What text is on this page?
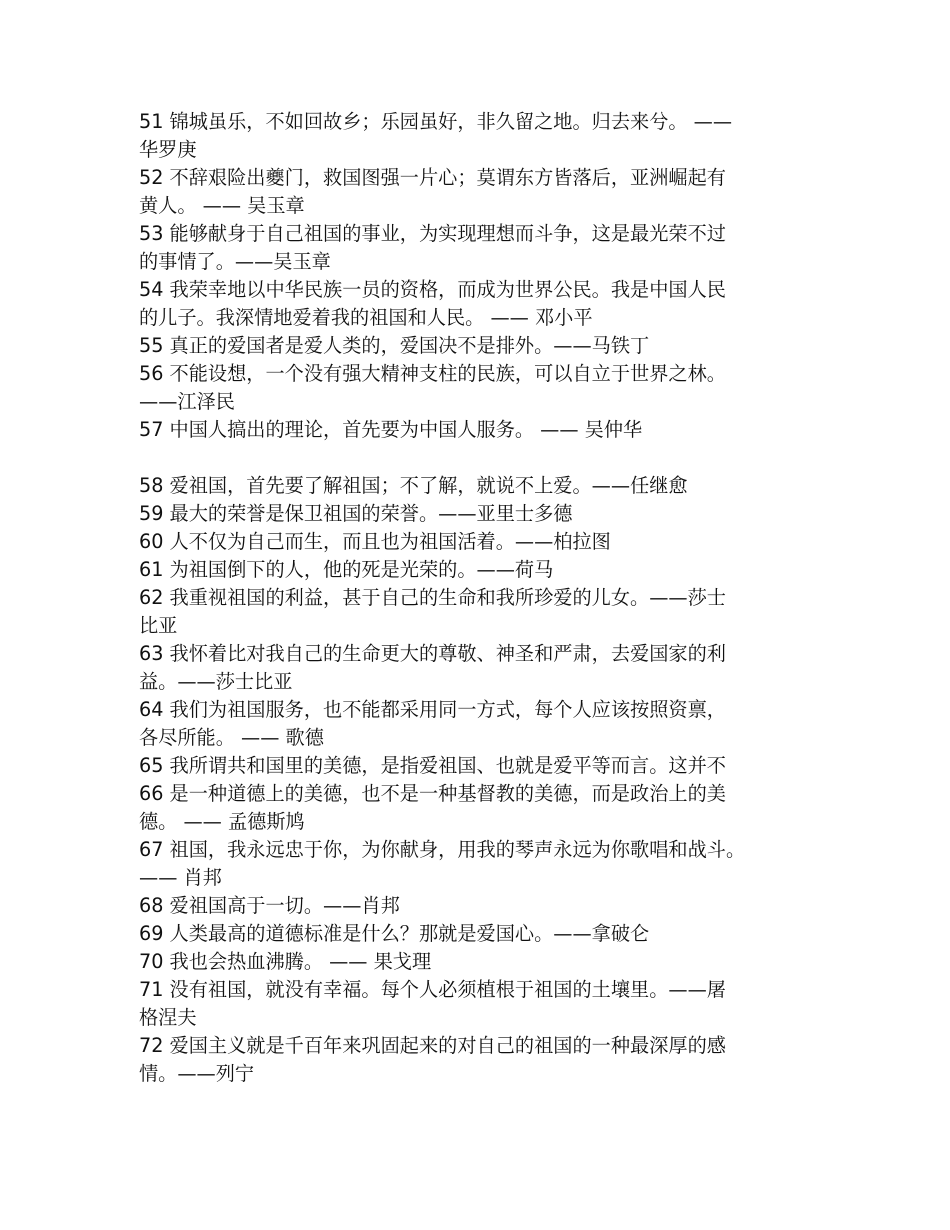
51 锦城虽乐，不如回故乡；乐园虽好，非久留之地。归去来兮。 ——

华罗庚

52 不辞艰险出夔门，救国图强一片心；莫谓东方皆落后，亚洲崛起有

黄人。 —— 吴玉章

53 能够献身于自己祖国的事业，为实现理想而斗争，这是最光荣不过

的事情了。——吴玉章

54 我荣幸地以中华民族一员的资格，而成为世界公民。我是中国人民

的儿子。我深情地爱着我的祖国和人民。 —— 邓小平

55 真正的爱国者是爱人类的，爱国决不是排外。——马铁丁

56 不能设想，一个没有强大精神支柱的民族，可以自立于世界之林。

——江泽民

57 中国人搞出的理论，首先要为中国人服务。 —— 吴仲华

58 爱祖国，首先要了解祖国；不了解，就说不上爱。——任继愈

59 最大的荣誉是保卫祖国的荣誉。——亚里士多德

60 人不仅为自己而生，而且也为祖国活着。——柏拉图

61 为祖国倒下的人，他的死是光荣的。——荷马

62 我重视祖国的利益，甚于自己的生命和我所珍爱的儿女。——莎士

比亚

63 我怀着比对我自己的生命更大的尊敬、神圣和严肃，去爱国家的利

益。——莎士比亚

64 我们为祖国服务，也不能都采用同一方式，每个人应该按照资禀，

各尽所能。 —— 歌德

65 我所谓共和国里的美德，是指爱祖国、也就是爱平等而言。这并不

66 是一种道德上的美德，也不是一种基督教的美德，而是政治上的美

德。 —— 孟德斯鸠

67 祖国，我永远忠于你，为你献身，用我的琴声永远为你歌唱和战斗。

—— 肖邦

68 爱祖国高于一切。——肖邦

69 人类最高的道德标准是什么？那就是爱国心。——拿破仑

70 我也会热血沸腾。 —— 果戈理

71 没有祖国，就没有幸福。每个人必须植根于祖国的土壤里。——屠

格涅夫

72 爱国主义就是千百年来巩固起来的对自己的祖国的一种最深厚的感

情。——列宁
